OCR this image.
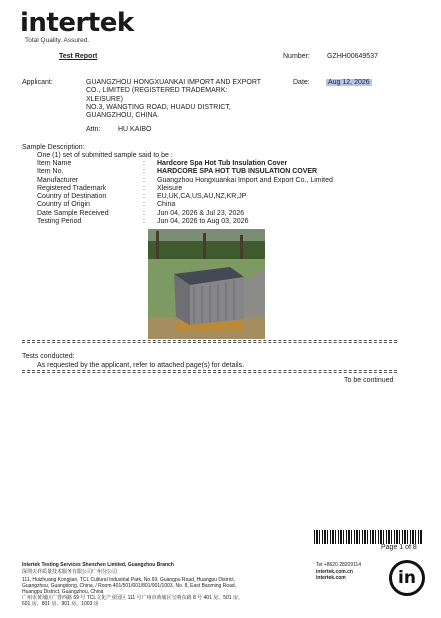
intertek
Total Quality. Assured.
Test Report	Number: GZHH00649537
Applicant:	GUANGZHOU HONGXUANKAI IMPORT AND EXPORT
CO., LIMITED (REGISTERED TRADEMARK:
XLEISURE)
NO.3, WANGTING ROAD, HUADU DISTRICT,
GUANGZHOU, CHINA.
Date:	Aug 12, 2026
Attn:	HU KAIBO
Sample Description:
One (1) set of submitted sample said to be :
Item Name	:	Hardcore Spa Hot Tub Insulation Cover
Item No.	:	HARDCORE SPA HOT TUB INSULATION COVER
Manufacturer	:	Guangzhou Hongxuankai Import and Export Co., Limited
Registered Trademark	:	Xleisure
Country of Destination	:	EU,UK,CA,US,AU,NZ,KR,JP
Country of Origin	:	China
Date Sample Received	:	Jun 04, 2026 & Jul 23, 2026
Testing Period	:	Jun 04, 2026 to Aug 03, 2026
Tests conducted:
As requested by the applicant, refer to attached page(s) for details.
To be continued
Page 1 of 8
Intertek Testing Services Shenzhen Limited, Guangzhou Branch
深圳天祥质量技术服务有限公司广州分公司
111, Huizhuang Kongjian, TCL Cultural Industrial Park, No.69, Guangpu Road, Huangpu District,
Guangzhou, Guangdong, China. / Room 401/501/601/801/901/1003, No. 8, East Baoming Road,
Huangpu District, Guangzhou, China
广州市黄埔区广普西路 69 号 TCL文化产业园区 111 号广州市黄埔区宝明东路 8 号 401 房、501 房、
601 房、801 房、901 房、1003 房
Tel +8620 28209114
intertek.com.cn
intertek.com	in
